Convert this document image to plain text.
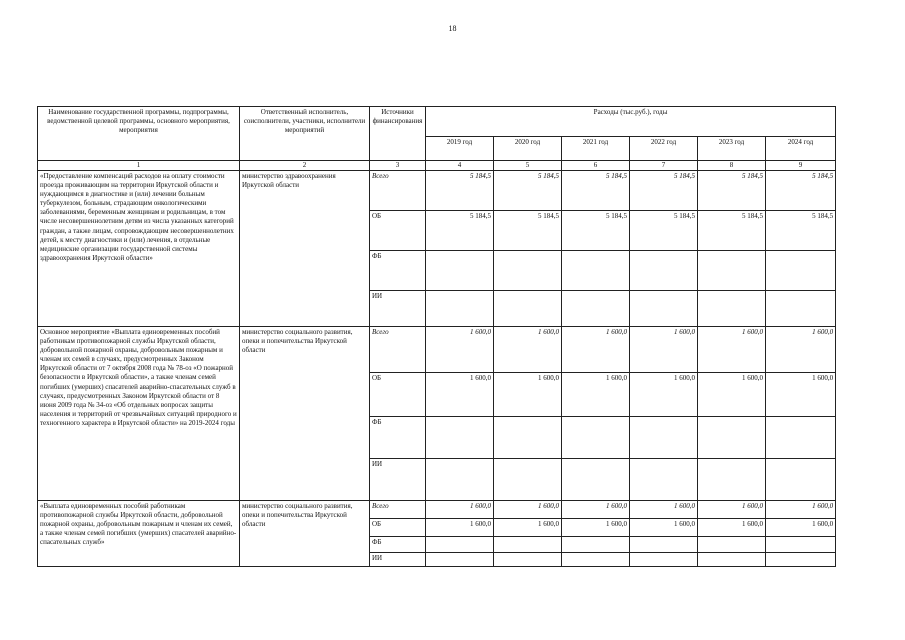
18
Наименование государственной программы, подпрограммы, ведомственной целевой программы, основного мероприятия, мероприятия	Ответственный исполнитель, соисполнители, участники, исполнители мероприятий	Источники финансирования	Расходы (тыс.руб.), годы					
			2019 год	2020 год	2021 год	2022 год	2023 год	2024 год
1	2	3	4	5	6	7	8	9
«Предоставление компенсаций расходов на оплату стоимости проезда проживающим на территории Иркутской области и нуждающимся в диагностике и (или) лечении больным туберкулезом, больным, страдающим онкологическими заболеваниями, беременным женщинам и родильницам, в том числе несовершеннолетним детям из числа указанных категорий граждан, а также лицам, сопровождающим несовершеннолетних детей, к месту диагностики и (или) лечения, в отдельные медицинские организации государственной системы здравоохранения Иркутской области»	министерство здравоохранения Иркутской области	Всего	5 184,5	5 184,5	5 184,5	5 184,5	5 184,5	5 184,5
		ОБ	5 184,5	5 184,5	5 184,5	5 184,5	5 184,5	5 184,5
		ФБ						
		ИИ						
Основное мероприятие «Выплата единовременных пособий работникам противопожарной службы Иркутской области, добровольной пожарной охраны, добровольным пожарным и членам их семей в случаях, предусмотренных Законом Иркутской области от 7 октября 2008 года № 78-оз «О пожарной безопасности в Иркутской области», а также членам семей погибших (умерших) спасателей аварийно-спасательных служб в случаях, предусмотренных Законом Иркутской области от 8 июня 2009 года № 34-оз «Об отдельных вопросах защиты населения и территорий от чрезвычайных ситуаций природного и техногенного характера в Иркутской области» на 2019-2024 годы	министерство социального развития, опеки и попечительства Иркутской области	Всего	1 600,0	1 600,0	1 600,0	1 600,0	1 600,0	1 600,0
		ОБ	1 600,0	1 600,0	1 600,0	1 600,0	1 600,0	1 600,0
		ФБ						
		ИИ						
«Выплата единовременных пособий работникам противопожарной службы Иркутской области, добровольной пожарной охраны, добровольным пожарным и членам их семей, а также членам семей погибших (умерших) спасателей аварийно-спасательных служб»	министерство социального развития, опеки и попечительства Иркутской области	Всего	1 600,0	1 600,0	1 600,0	1 600,0	1 600,0	1 600,0
		ОБ	1 600,0	1 600,0	1 600,0	1 600,0	1 600,0	1 600,0
		ФБ						
		ИИ						
